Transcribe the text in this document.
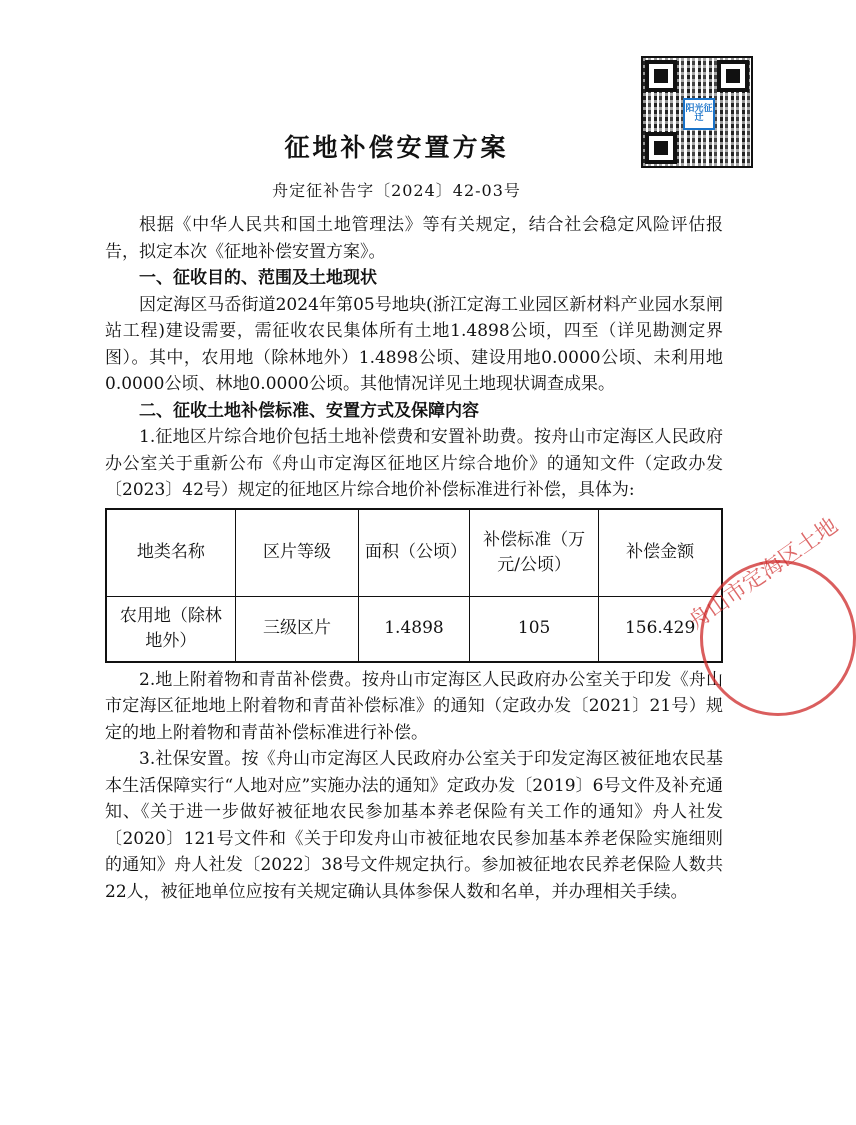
阳光征迁
征地补偿安置方案
舟定征补告字〔2024〕42-03号

根据《中华人民共和国土地管理法》等有关规定，结合社会稳定风险评估报告，拟定本次《征地补偿安置方案》。

一、征收目的、范围及土地现状

因定海区马岙街道2024年第05号地块(浙江定海工业园区新材料产业园水泵闸站工程)建设需要，需征收农民集体所有土地1.4898公顷，四至（详见勘测定界图）。其中，农用地（除林地外）1.4898公顷、建设用地0.0000公顷、未利用地0.0000公顷、林地0.0000公顷。其他情况详见土地现状调查成果。

二、征收土地补偿标准、安置方式及保障内容

1.征地区片综合地价包括土地补偿费和安置补助费。按舟山市定海区人民政府办公室关于重新公布《舟山市定海区征地区片综合地价》的通知文件（定政办发〔2023〕42号）规定的征地区片综合地价补偿标准进行补偿，具体为:

地类名称	区片等级	面积（公顷）	补偿标准（万元/公顷）	补偿金额
农用地（除林地外）	三级区片	1.4898	105	156.429

2.地上附着物和青苗补偿费。按舟山市定海区人民政府办公室关于印发《舟山市定海区征地地上附着物和青苗补偿标准》的通知（定政办发〔2021〕21号）规定的地上附着物和青苗补偿标准进行补偿。

3.社保安置。按《舟山市定海区人民政府办公室关于印发定海区被征地农民基本生活保障实行“人地对应”实施办法的通知》定政办发〔2019〕6号文件及补充通知、《关于进一步做好被征地农民参加基本养老保险有关工作的通知》舟人社发〔2020〕121号文件和《关于印发舟山市被征地农民参加基本养老保险实施细则的通知》舟人社发〔2022〕38号文件规定执行。参加被征地农民养老保险人数共22人，被征地单位应按有关规定确认具体参保人数和名单，并办理相关手续。

舟山市定海区土地
